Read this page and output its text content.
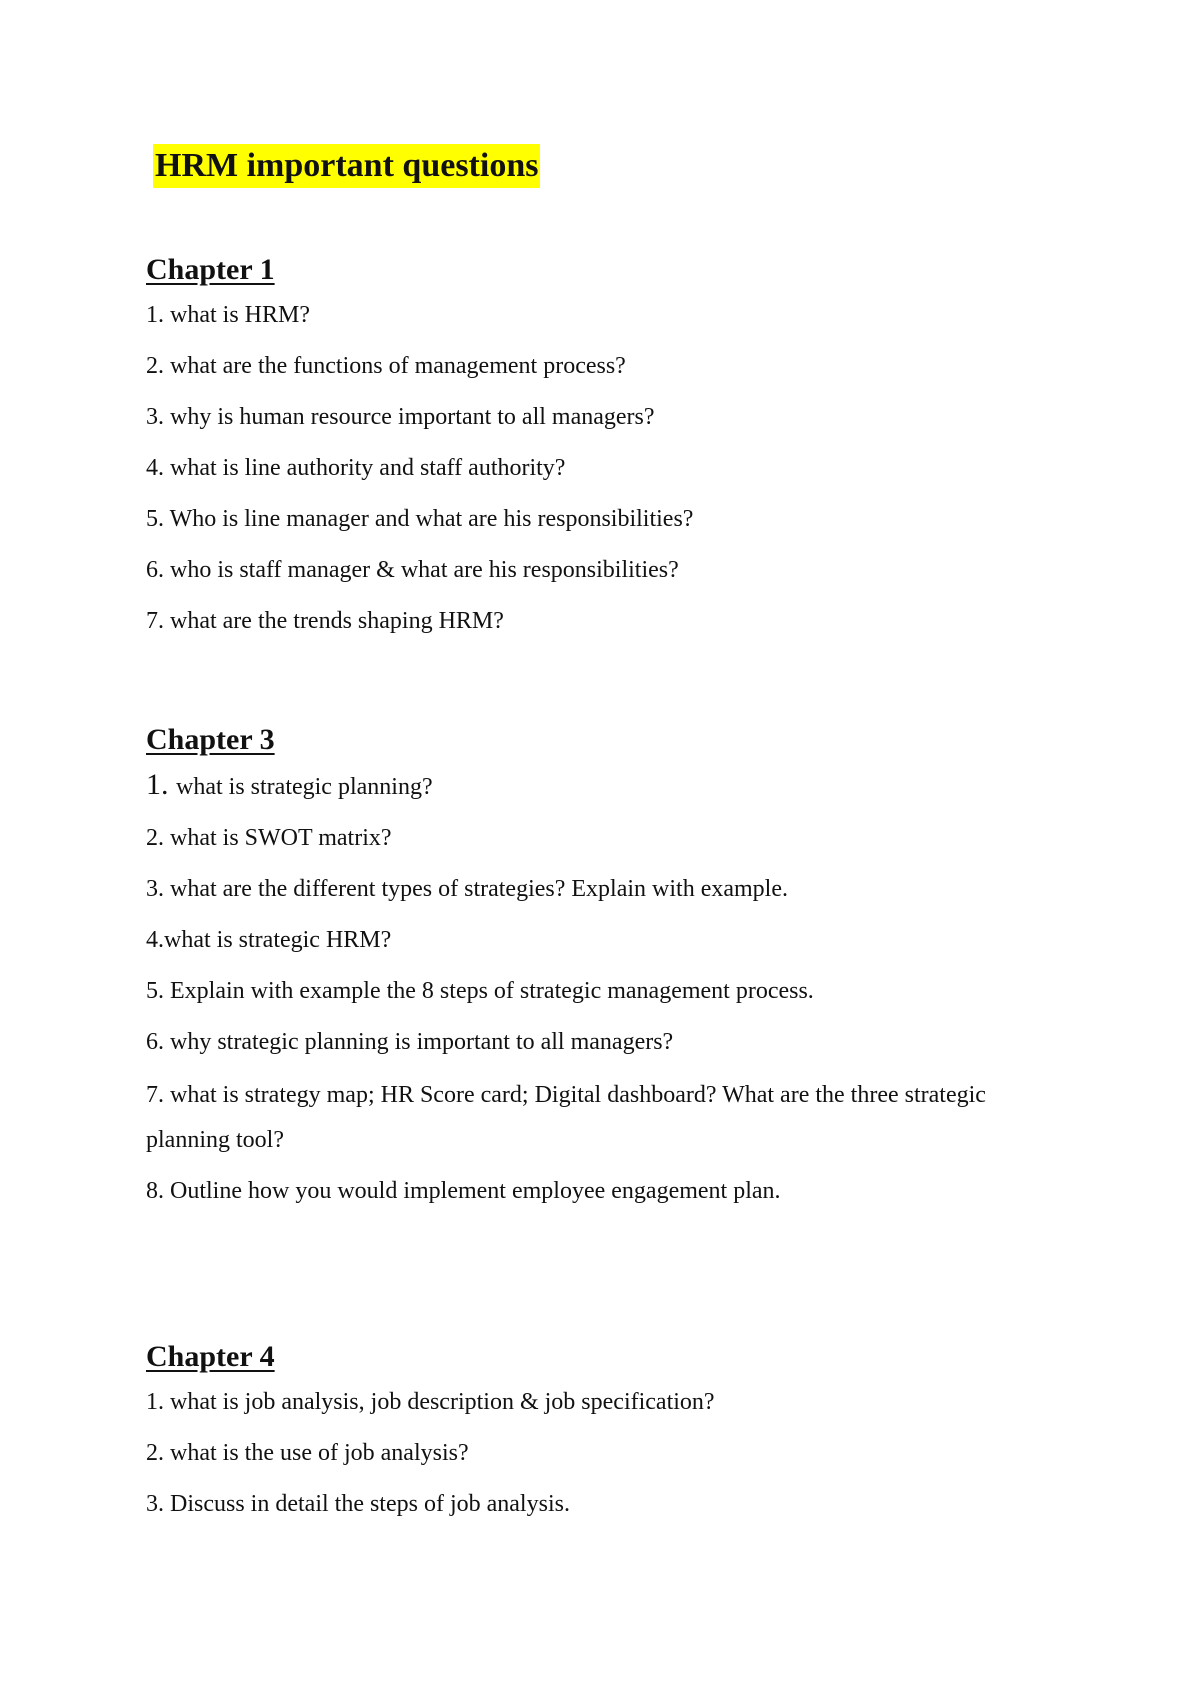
HRM important questions
Chapter 1
1. what is HRM?
2. what are the functions of management process?
3. why is human resource important to all managers?
4. what is line authority and staff authority?
5. Who is line manager and what are his responsibilities?
6. who is staff manager & what are his responsibilities?
7. what are the trends shaping HRM?
Chapter 3
1. what is strategic planning?
2. what is SWOT matrix?
3. what are the different types of strategies? Explain with example.
4.what is strategic HRM?
5. Explain with example the 8 steps of strategic management process.
6. why strategic planning is important to all managers?
7. what is strategy map; HR Score card; Digital dashboard? What are the three strategic
planning tool?
8. Outline how you would implement employee engagement plan.
Chapter 4
1. what is job analysis, job description & job specification?
2. what is the use of job analysis?
3. Discuss in detail the steps of job analysis.
